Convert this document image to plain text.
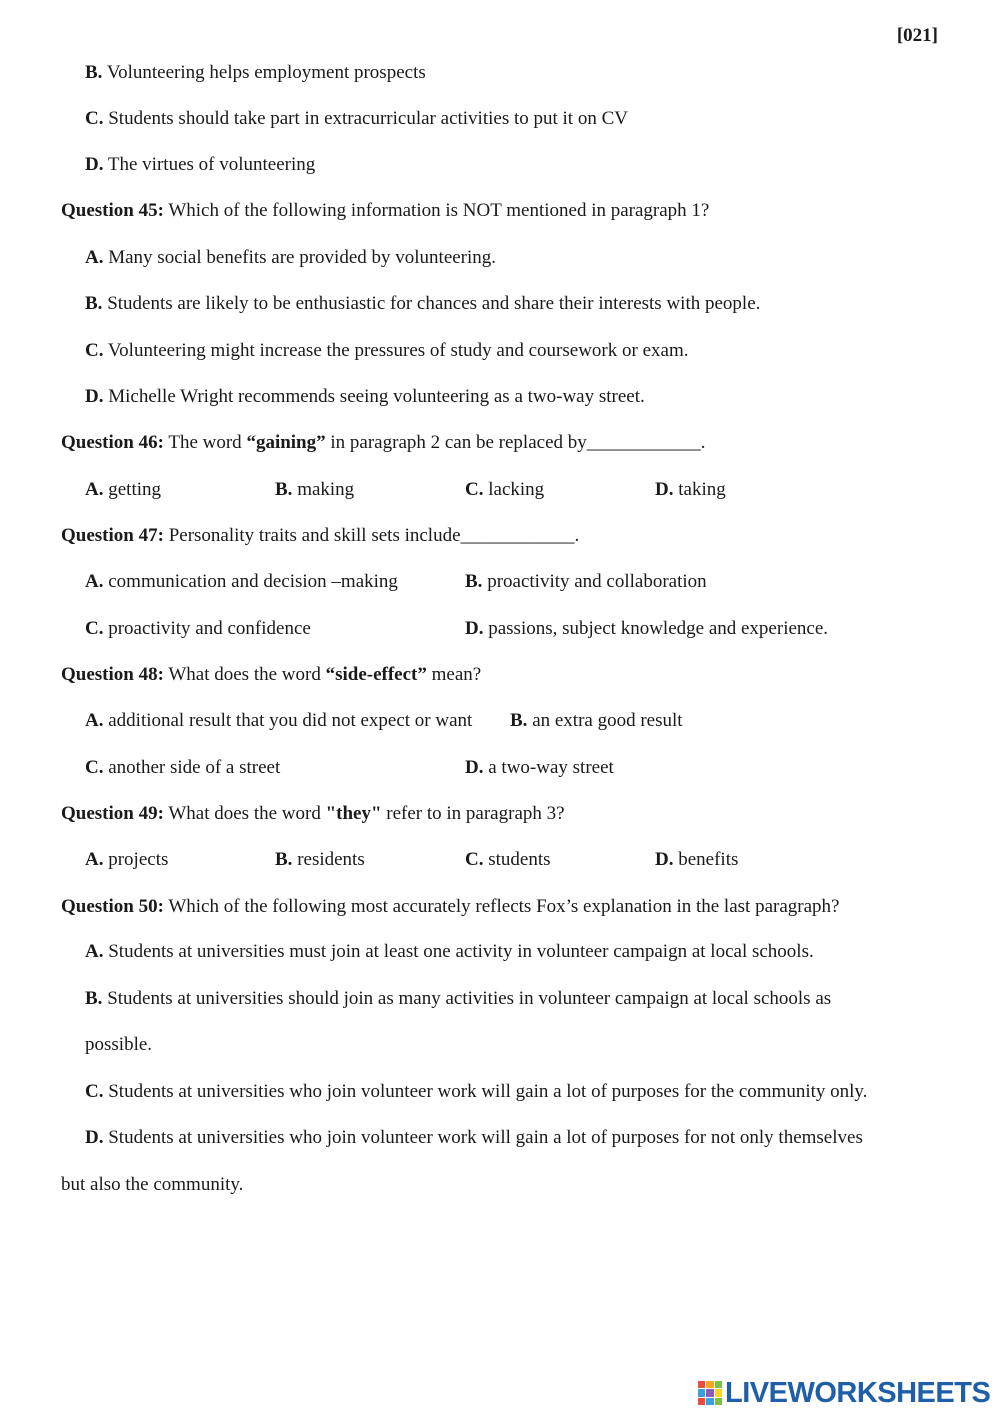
[021]
B. Volunteering helps employment prospects
C. Students should take part in extracurricular activities to put it on CV
D. The virtues of volunteering
Question 45: Which of the following information is NOT mentioned in paragraph 1?
A. Many social benefits are provided by volunteering.
B. Students are likely to be enthusiastic for chances and share their interests with people.
C. Volunteering might increase the pressures of study and coursework or exam.
D. Michelle Wright recommends seeing volunteering as a two-way street.
Question 46: The word “gaining” in paragraph 2 can be replaced by____________.
A. getting	B. making	C. lacking	D. taking
Question 47: Personality traits and skill sets include____________.
A. communication and decision –making	B. proactivity and collaboration
C. proactivity and confidence	D. passions, subject knowledge and experience.
Question 48: What does the word “side-effect” mean?
A. additional result that you did not expect or want B. an extra good result
C. another side of a street	D. a two-way street
Question 49: What does the word "they" refer to in paragraph 3?
A. projects	B. residents	C. students	D. benefits
Question 50: Which of the following most accurately reflects Fox’s explanation in the last paragraph?
A. Students at universities must join at least one activity in volunteer campaign at local schools.
B. Students at universities should join as many activities in volunteer campaign at local schools as
possible.
C. Students at universities who join volunteer work will gain a lot of purposes for the community only.
D. Students at universities who join volunteer work will gain a lot of purposes for not only themselves
but also the community.
LIVEWORKSHEETS
